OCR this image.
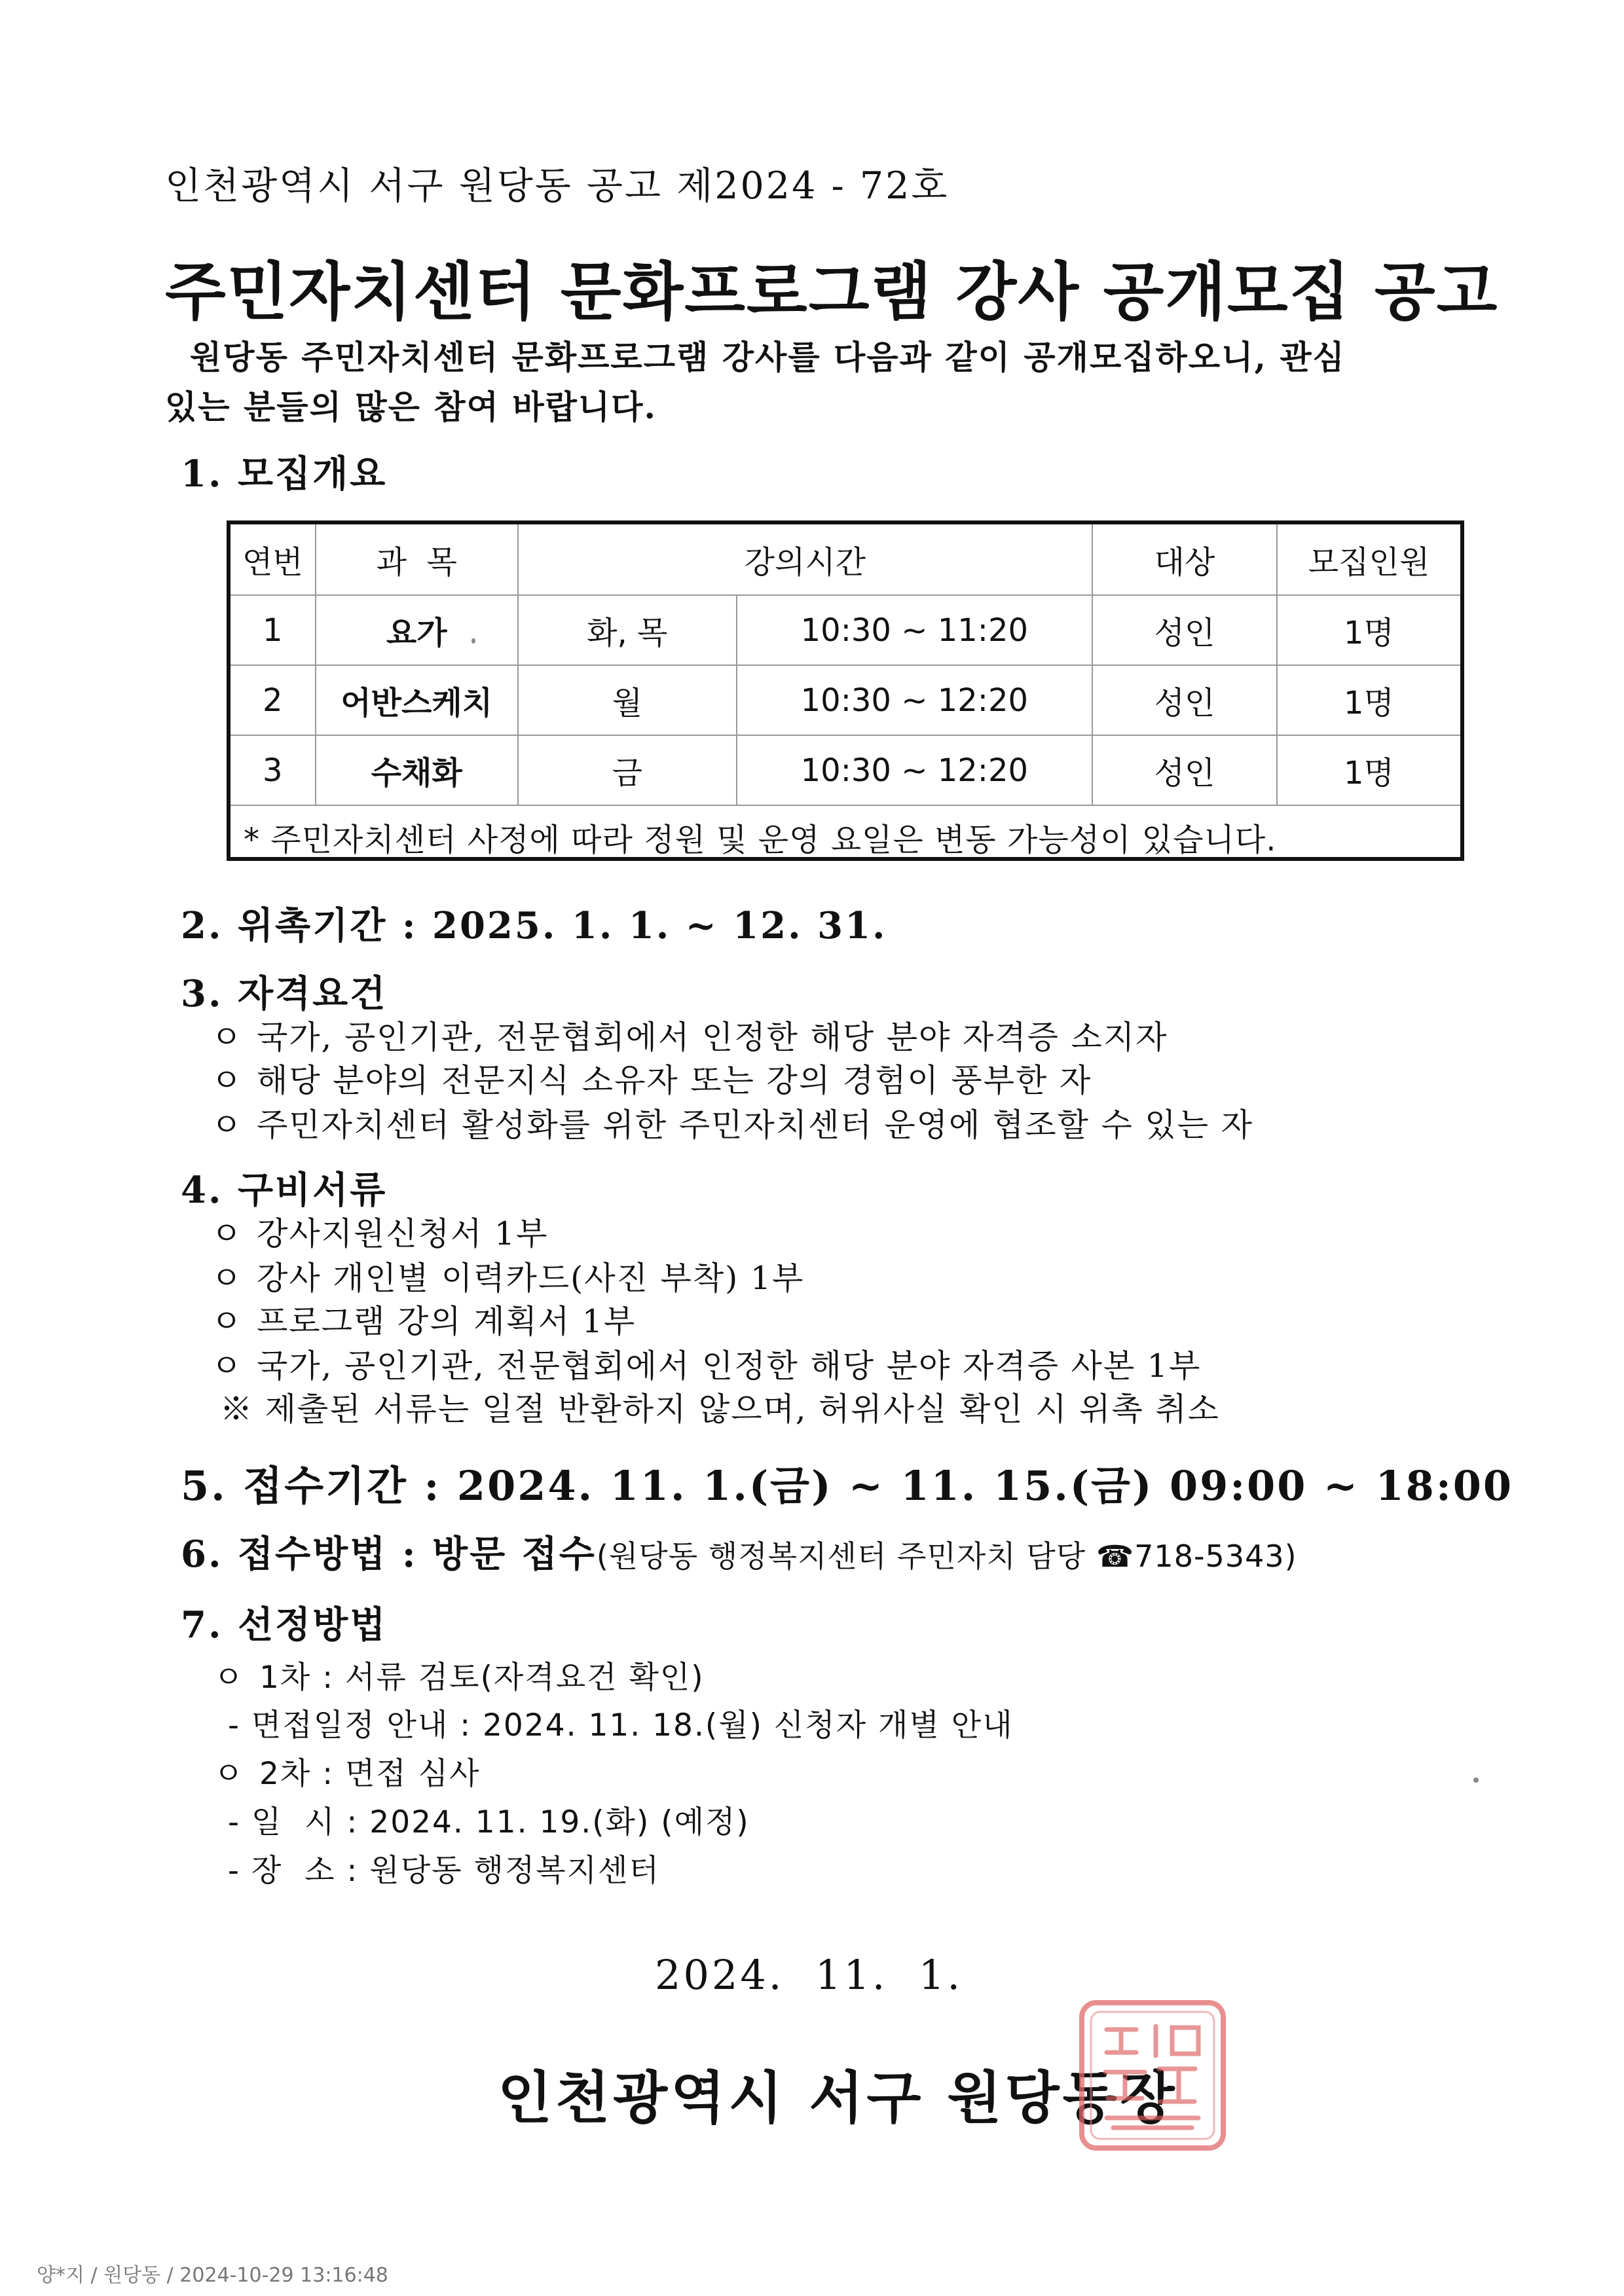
인천광역시 서구 원당동 공고 제2024 - 72호
주민자치센터 문화프로그램 강사 공개모집 공고
원당동 주민자치센터 문화프로그램 강사를 다음과 같이 공개모집하오니, 관심
있는 분들의 많은 참여 바랍니다.
1. 모집개요
연번	과  목	강의시간		대상	모집인원
1	요가	화, 목	10:30 ~ 11:20	성인	1명
2	어반스케치	월	10:30 ~ 12:20	성인	1명
3	수채화	금	10:30 ~ 12:20	성인	1명
* 주민자치센터 사정에 따라 정원 및 운영 요일은 변동 가능성이 있습니다.					
2. 위촉기간 : 2025. 1. 1. ~ 12. 31.
3. 자격요건
ㅇ 국가, 공인기관, 전문협회에서 인정한 해당 분야 자격증 소지자
ㅇ 해당 분야의 전문지식 소유자 또는 강의 경험이 풍부한 자
ㅇ 주민자치센터 활성화를 위한 주민자치센터 운영에 협조할 수 있는 자
4. 구비서류
ㅇ 강사지원신청서 1부
ㅇ 강사 개인별 이력카드(사진 부착) 1부
ㅇ 프로그램 강의 계획서 1부
ㅇ 국가, 공인기관, 전문협회에서 인정한 해당 분야 자격증 사본 1부
※ 제출된 서류는 일절 반환하지 않으며, 허위사실 확인 시 위촉 취소
5. 접수기간 : 2024. 11. 1.(금) ~ 11. 15.(금) 09:00 ~ 18:00
6. 접수방법 : 방문 접수(원당동 행정복지센터 주민자치 담당 ☎718-5343)
7. 선정방법
ㅇ 1차 : 서류 검토(자격요건 확인)
- 면접일정 안내 : 2024. 11. 18.(월) 신청자 개별 안내
ㅇ 2차 : 면접 심사
- 일  시 : 2024. 11. 19.(화) (예정)
- 장  소 : 원당동 행정복지센터
2024.  11.  1.
인천광역시 서구 원당동장
양*지 / 원당동 / 2024-10-29 13:16:48
